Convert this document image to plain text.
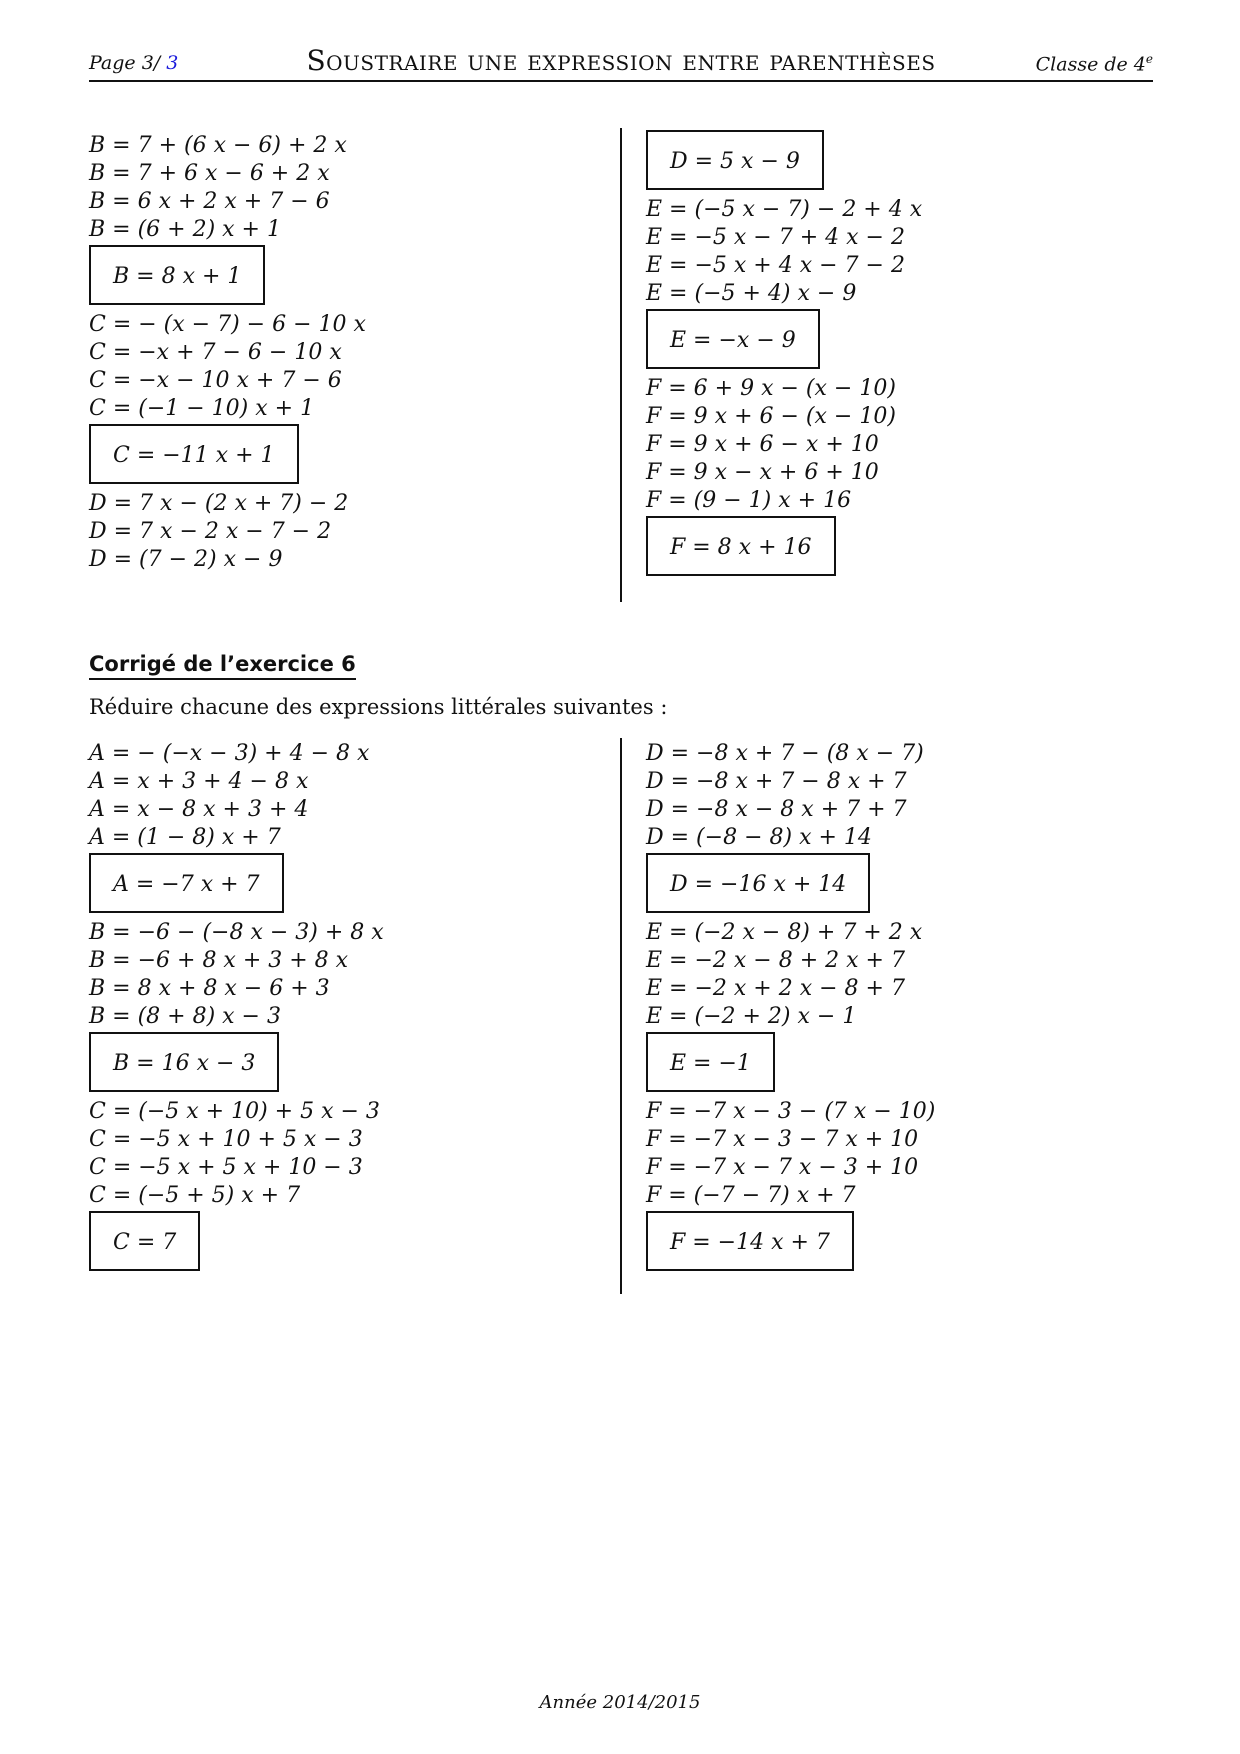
Page 3/ 3	Soustraire une expression entre parenthèses	Classe de 4e
B = 7 + (6 x − 6) + 2 x
B = 7 + 6 x − 6 + 2 x
B = 6 x + 2 x + 7 − 6
B = (6 + 2) x + 1
B = 8 x + 1
C = − (x − 7) − 6 − 10 x
C = −x + 7 − 6 − 10 x
C = −x − 10 x + 7 − 6
C = (−1 − 10) x + 1
C = −11 x + 1
D = 7 x − (2 x + 7) − 2
D = 7 x − 2 x − 7 − 2
D = (7 − 2) x − 9
D = 5 x − 9
E = (−5 x − 7) − 2 + 4 x
E = −5 x − 7 + 4 x − 2
E = −5 x + 4 x − 7 − 2
E = (−5 + 4) x − 9
E = −x − 9
F = 6 + 9 x − (x − 10)
F = 9 x + 6 − (x − 10)
F = 9 x + 6 − x + 10
F = 9 x − x + 6 + 10
F = (9 − 1) x + 16
F = 8 x + 16
Corrigé de l’exercice 6
Réduire chacune des expressions littérales suivantes :
A = − (−x − 3) + 4 − 8 x
A = x + 3 + 4 − 8 x
A = x − 8 x + 3 + 4
A = (1 − 8) x + 7
A = −7 x + 7
B = −6 − (−8 x − 3) + 8 x
B = −6 + 8 x + 3 + 8 x
B = 8 x + 8 x − 6 + 3
B = (8 + 8) x − 3
B = 16 x − 3
C = (−5 x + 10) + 5 x − 3
C = −5 x + 10 + 5 x − 3
C = −5 x + 5 x + 10 − 3
C = (−5 + 5) x + 7
C = 7
D = −8 x + 7 − (8 x − 7)
D = −8 x + 7 − 8 x + 7
D = −8 x − 8 x + 7 + 7
D = (−8 − 8) x + 14
D = −16 x + 14
E = (−2 x − 8) + 7 + 2 x
E = −2 x − 8 + 2 x + 7
E = −2 x + 2 x − 8 + 7
E = (−2 + 2) x − 1
E = −1
F = −7 x − 3 − (7 x − 10)
F = −7 x − 3 − 7 x + 10
F = −7 x − 7 x − 3 + 10
F = (−7 − 7) x + 7
F = −14 x + 7
Année 2014/2015
